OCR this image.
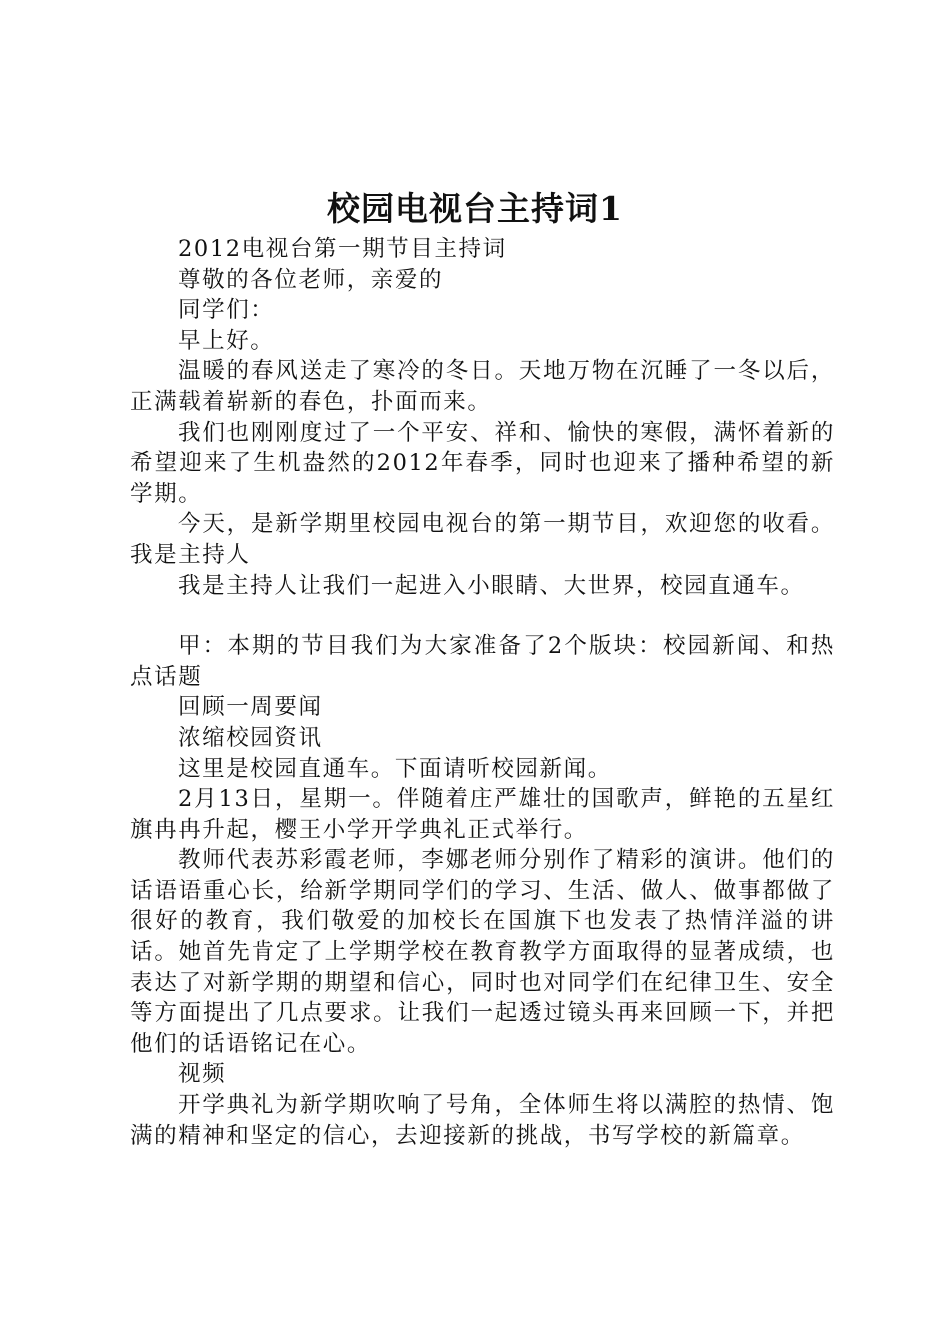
校园电视台主持词1

2012电视台第一期节目主持词

尊敬的各位老师，亲爱的

同学们：

早上好。

温暖的春风送走了寒冷的冬日。天地万物在沉睡了一冬以后，正满载着崭新的春色，扑面而来。

我们也刚刚度过了一个平安、祥和、愉快的寒假，满怀着新的希望迎来了生机盎然的2012年春季，同时也迎来了播种希望的新学期。

今天，是新学期里校园电视台的第一期节目，欢迎您的收看。我是主持人

我是主持人让我们一起进入小眼睛、大世界，校园直通车。

甲：本期的节目我们为大家准备了2个版块：校园新闻、和热点话题

回顾一周要闻

浓缩校园资讯

这里是校园直通车。下面请听校园新闻。

2月13日，星期一。伴随着庄严雄壮的国歌声，鲜艳的五星红旗冉冉升起，樱王小学开学典礼正式举行。

教师代表苏彩霞老师，李娜老师分别作了精彩的演讲。他们的话语语重心长，给新学期同学们的学习、生活、做人、做事都做了很好的教育，我们敬爱的加校长在国旗下也发表了热情洋溢的讲话。她首先肯定了上学期学校在教育教学方面取得的显著成绩，也表达了对新学期的期望和信心，同时也对同学们在纪律卫生、安全等方面提出了几点要求。让我们一起透过镜头再来回顾一下，并把他们的话语铭记在心。

视频

开学典礼为新学期吹响了号角，全体师生将以满腔的热情、饱满的精神和坚定的信心，去迎接新的挑战，书写学校的新篇章。
